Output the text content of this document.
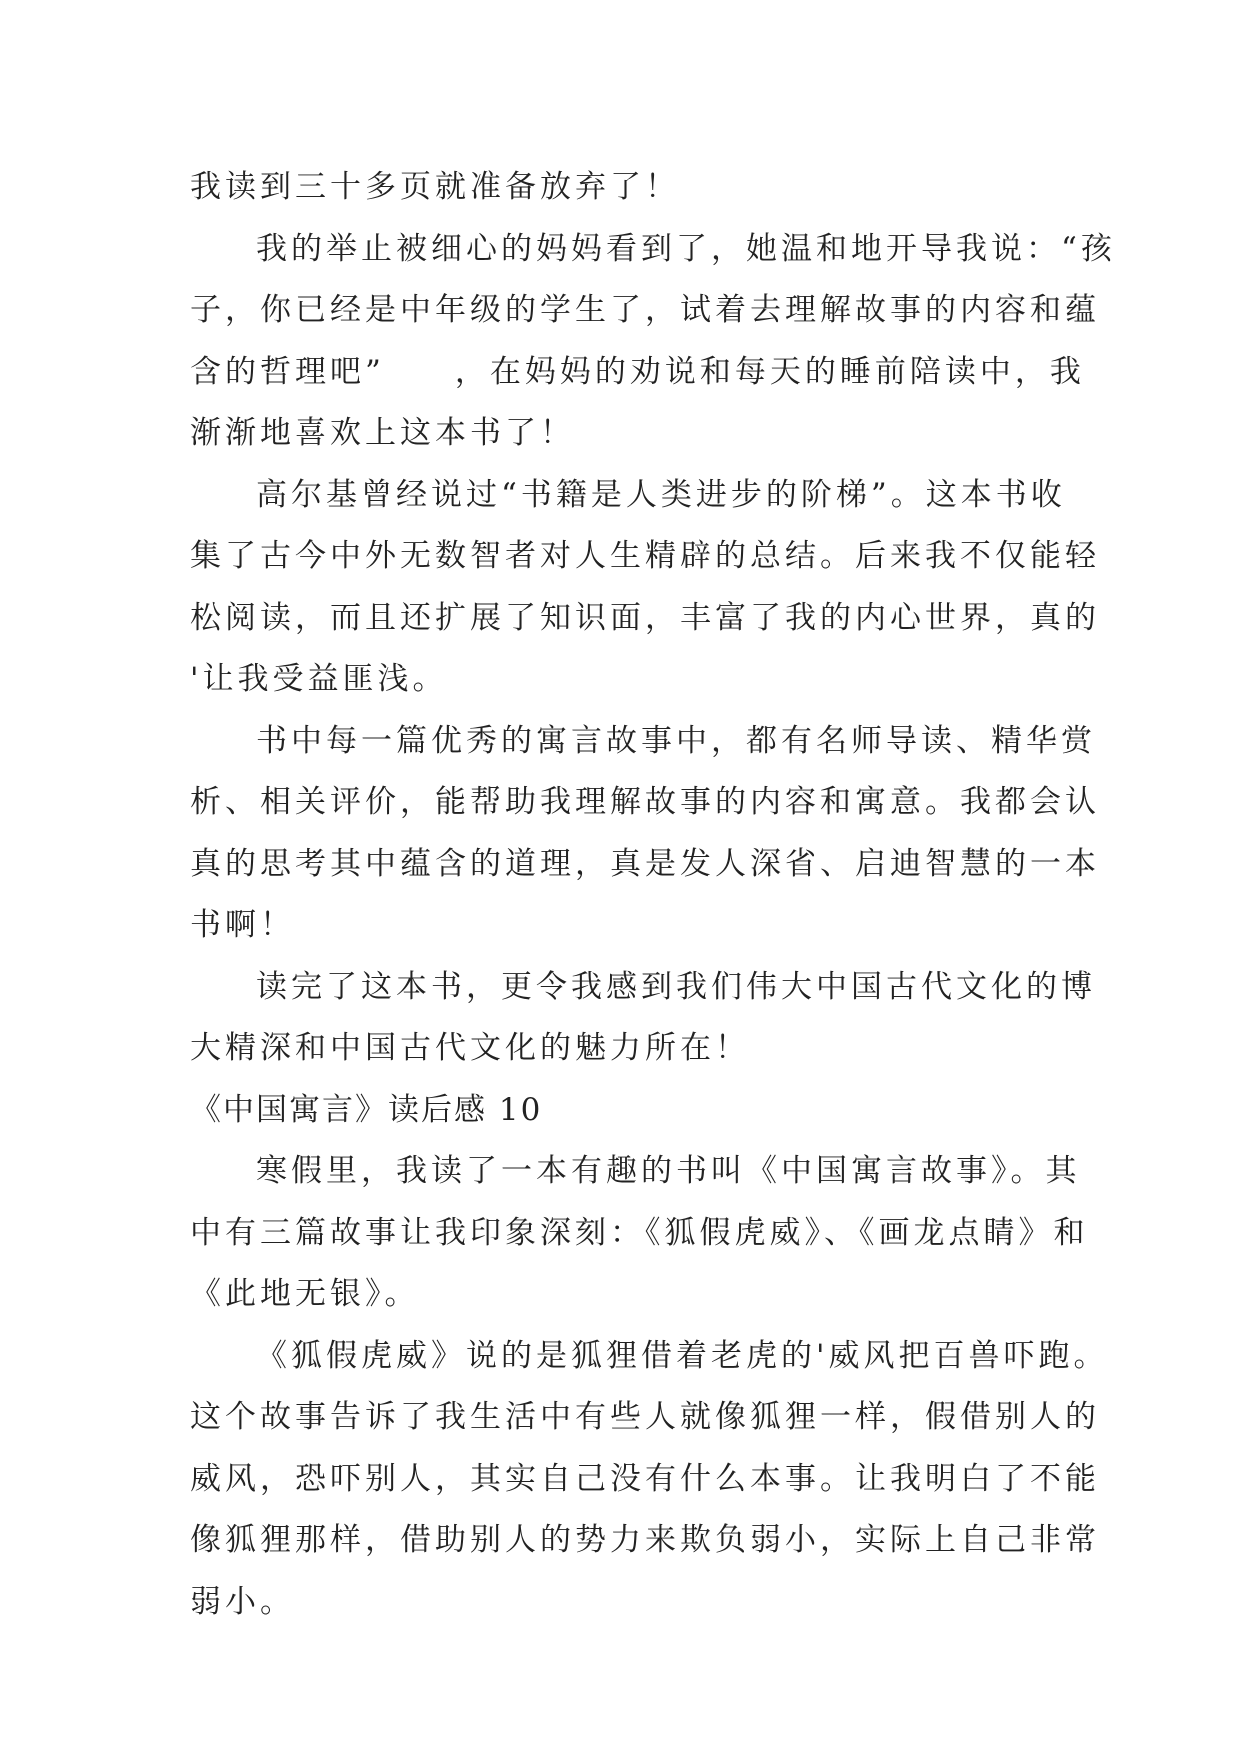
我读到三十多页就准备放弃了！
我的举止被细心的妈妈看到了，她温和地开导我说：“孩
子，你已经是中年级的学生了，试着去理解故事的内容和蕴
含的哲理吧”　　，在妈妈的劝说和每天的睡前陪读中，我
渐渐地喜欢上这本书了！
高尔基曾经说过“书籍是人类进步的阶梯”。这本书收
集了古今中外无数智者对人生精辟的总结。后来我不仅能轻
松阅读，而且还扩展了知识面，丰富了我的内心世界，真的
'让我受益匪浅。
书中每一篇优秀的寓言故事中，都有名师导读、精华赏
析、相关评价，能帮助我理解故事的内容和寓意。我都会认
真的思考其中蕴含的道理，真是发人深省、启迪智慧的一本
书啊！
读完了这本书，更令我感到我们伟大中国古代文化的博
大精深和中国古代文化的魅力所在！
《中国寓言》读后感 10
寒假里，我读了一本有趣的书叫《中国寓言故事》。其
中有三篇故事让我印象深刻：《狐假虎威》、《画龙点睛》和
《此地无银》。
《狐假虎威》说的是狐狸借着老虎的'威风把百兽吓跑。
这个故事告诉了我生活中有些人就像狐狸一样，假借别人的
威风，恐吓别人，其实自己没有什么本事。让我明白了不能
像狐狸那样，借助别人的势力来欺负弱小，实际上自己非常
弱小。
